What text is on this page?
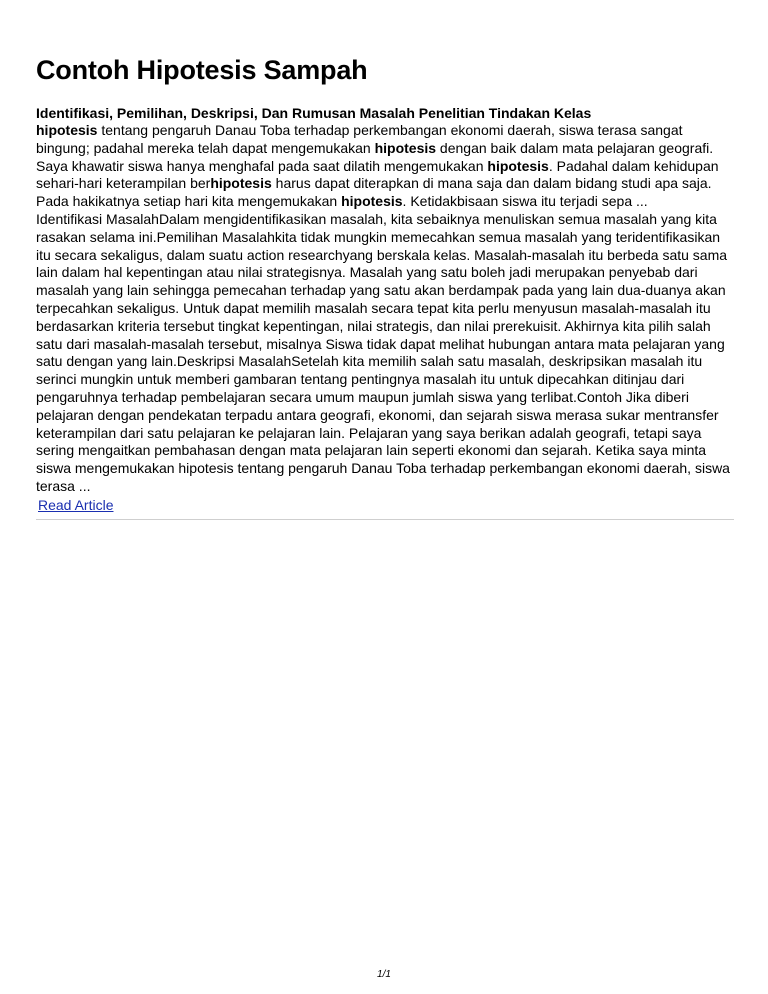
Contoh Hipotesis Sampah
Identifikasi, Pemilihan, Deskripsi, Dan Rumusan Masalah Penelitian Tindakan Kelas
hipotesis tentang pengaruh Danau Toba terhadap perkembangan ekonomi daerah, siswa terasa sangat bingung; padahal mereka telah dapat mengemukakan hipotesis dengan baik dalam mata pelajaran geografi. Saya khawatir siswa hanya menghafal pada saat dilatih mengemukakan hipotesis. Padahal dalam kehidupan sehari-hari keterampilan berhipotesis harus dapat diterapkan di mana saja dan dalam bidang studi apa saja. Pada hakikatnya setiap hari kita mengemukakan hipotesis. Ketidakbisaan siswa itu terjadi sepa ...
Identifikasi MasalahDalam mengidentifikasikan masalah, kita sebaiknya menuliskan semua masalah yang kita rasakan selama ini.Pemilihan Masalahkita tidak mungkin memecahkan semua masalah yang teridentifikasikan itu secara sekaligus, dalam suatu action researchyang berskala kelas. Masalah-masalah itu berbeda satu sama lain dalam hal kepentingan atau nilai strategisnya. Masalah yang satu boleh jadi merupakan penyebab dari masalah yang lain sehingga pemecahan terhadap yang satu akan berdampak pada yang lain dua-duanya akan terpecahkan sekaligus. Untuk dapat memilih masalah secara tepat kita perlu menyusun masalah-masalah itu berdasarkan kriteria tersebut tingkat kepentingan, nilai strategis, dan nilai prerekuisit. Akhirnya kita pilih salah satu dari masalah-masalah tersebut, misalnya Siswa tidak dapat melihat hubungan antara mata pelajaran yang satu dengan yang lain.Deskripsi MasalahSetelah kita memilih salah satu masalah, deskripsikan masalah itu serinci mungkin untuk memberi gambaran tentang pentingnya masalah itu untuk dipecahkan ditinjau dari pengaruhnya terhadap pembelajaran secara umum maupun jumlah siswa yang terlibat.Contoh Jika diberi pelajaran dengan pendekatan terpadu antara geografi, ekonomi, dan sejarah siswa merasa sukar mentransfer keterampilan dari satu pelajaran ke pelajaran lain. Pelajaran yang saya berikan adalah geografi, tetapi saya sering mengaitkan pembahasan dengan mata pelajaran lain seperti ekonomi dan sejarah. Ketika saya minta siswa mengemukakan hipotesis tentang pengaruh Danau Toba terhadap perkembangan ekonomi daerah, siswa terasa ...
Read Article
1/1
